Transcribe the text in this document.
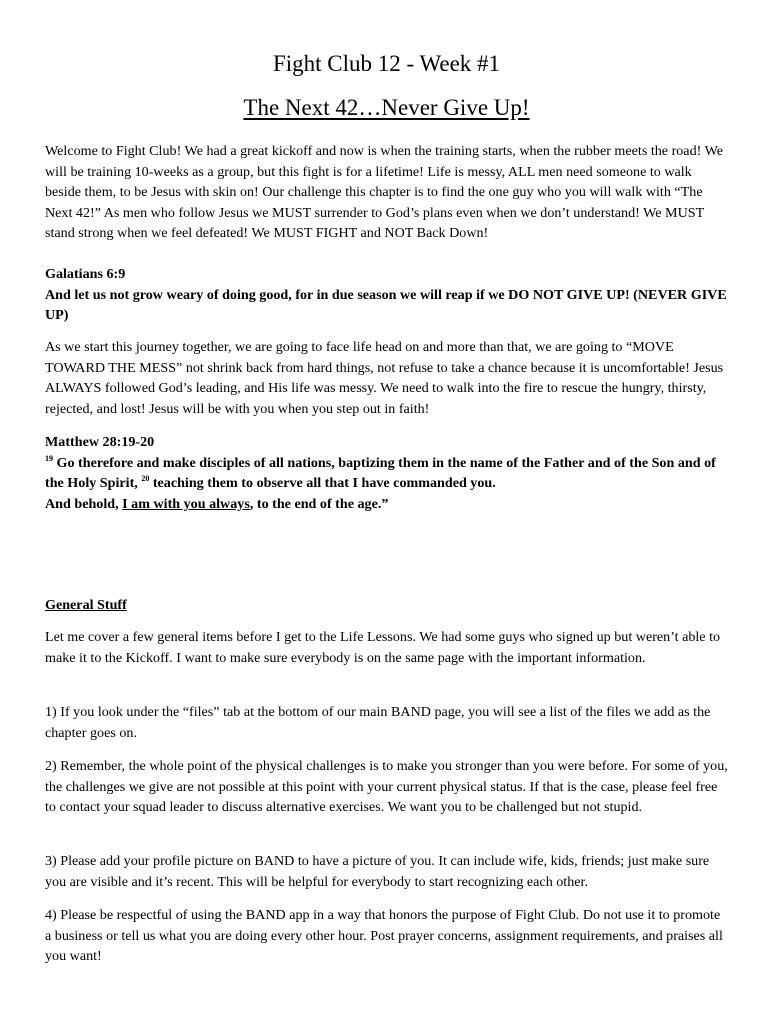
Fight Club 12 - Week #1
The Next 42…Never Give Up!

Welcome to Fight Club! We had a great kickoff and now is when the training starts, when the rubber meets the road! We will be training 10-weeks as a group, but this fight is for a lifetime! Life is messy, ALL men need someone to walk beside them, to be Jesus with skin on! Our challenge this chapter is to find the one guy who you will walk with “The Next 42!” As men who follow Jesus we MUST surrender to God’s plans even when we don’t understand! We MUST stand strong when we feel defeated! We MUST FIGHT and NOT Back Down!

Galatians 6:9
And let us not grow weary of doing good, for in due season we will reap if we DO NOT GIVE UP! (NEVER GIVE UP)

As we start this journey together, we are going to face life head on and more than that, we are going to “MOVE TOWARD THE MESS” not shrink back from hard things, not refuse to take a chance because it is uncomfortable! Jesus ALWAYS followed God’s leading, and His life was messy. We need to walk into the fire to rescue the hungry, thirsty, rejected, and lost! Jesus will be with you when you step out in faith!

Matthew 28:19-20
$^{19}$ Go therefore and make disciples of all nations, baptizing them in the name of the Father and of the Son and of the Holy Spirit, $^{20}$ teaching them to observe all that I have commanded you.
And behold, I am with you always, to the end of the age.”
General Stuff

Let me cover a few general items before I get to the Life Lessons. We had some guys who signed up but weren’t able to make it to the Kickoff. I want to make sure everybody is on the same page with the important information.

1) If you look under the “files” tab at the bottom of our main BAND page, you will see a list of the files we add as the chapter goes on.

2) Remember, the whole point of the physical challenges is to make you stronger than you were before. For some of you, the challenges we give are not possible at this point with your current physical status. If that is the case, please feel free to contact your squad leader to discuss alternative exercises. We want you to be challenged but not stupid.

3) Please add your profile picture on BAND to have a picture of you. It can include wife, kids, friends; just make sure you are visible and it’s recent. This will be helpful for everybody to start recognizing each other.

4) Please be respectful of using the BAND app in a way that honors the purpose of Fight Club. Do not use it to promote a business or tell us what you are doing every other hour. Post prayer concerns, assignment requirements, and praises all you want!
